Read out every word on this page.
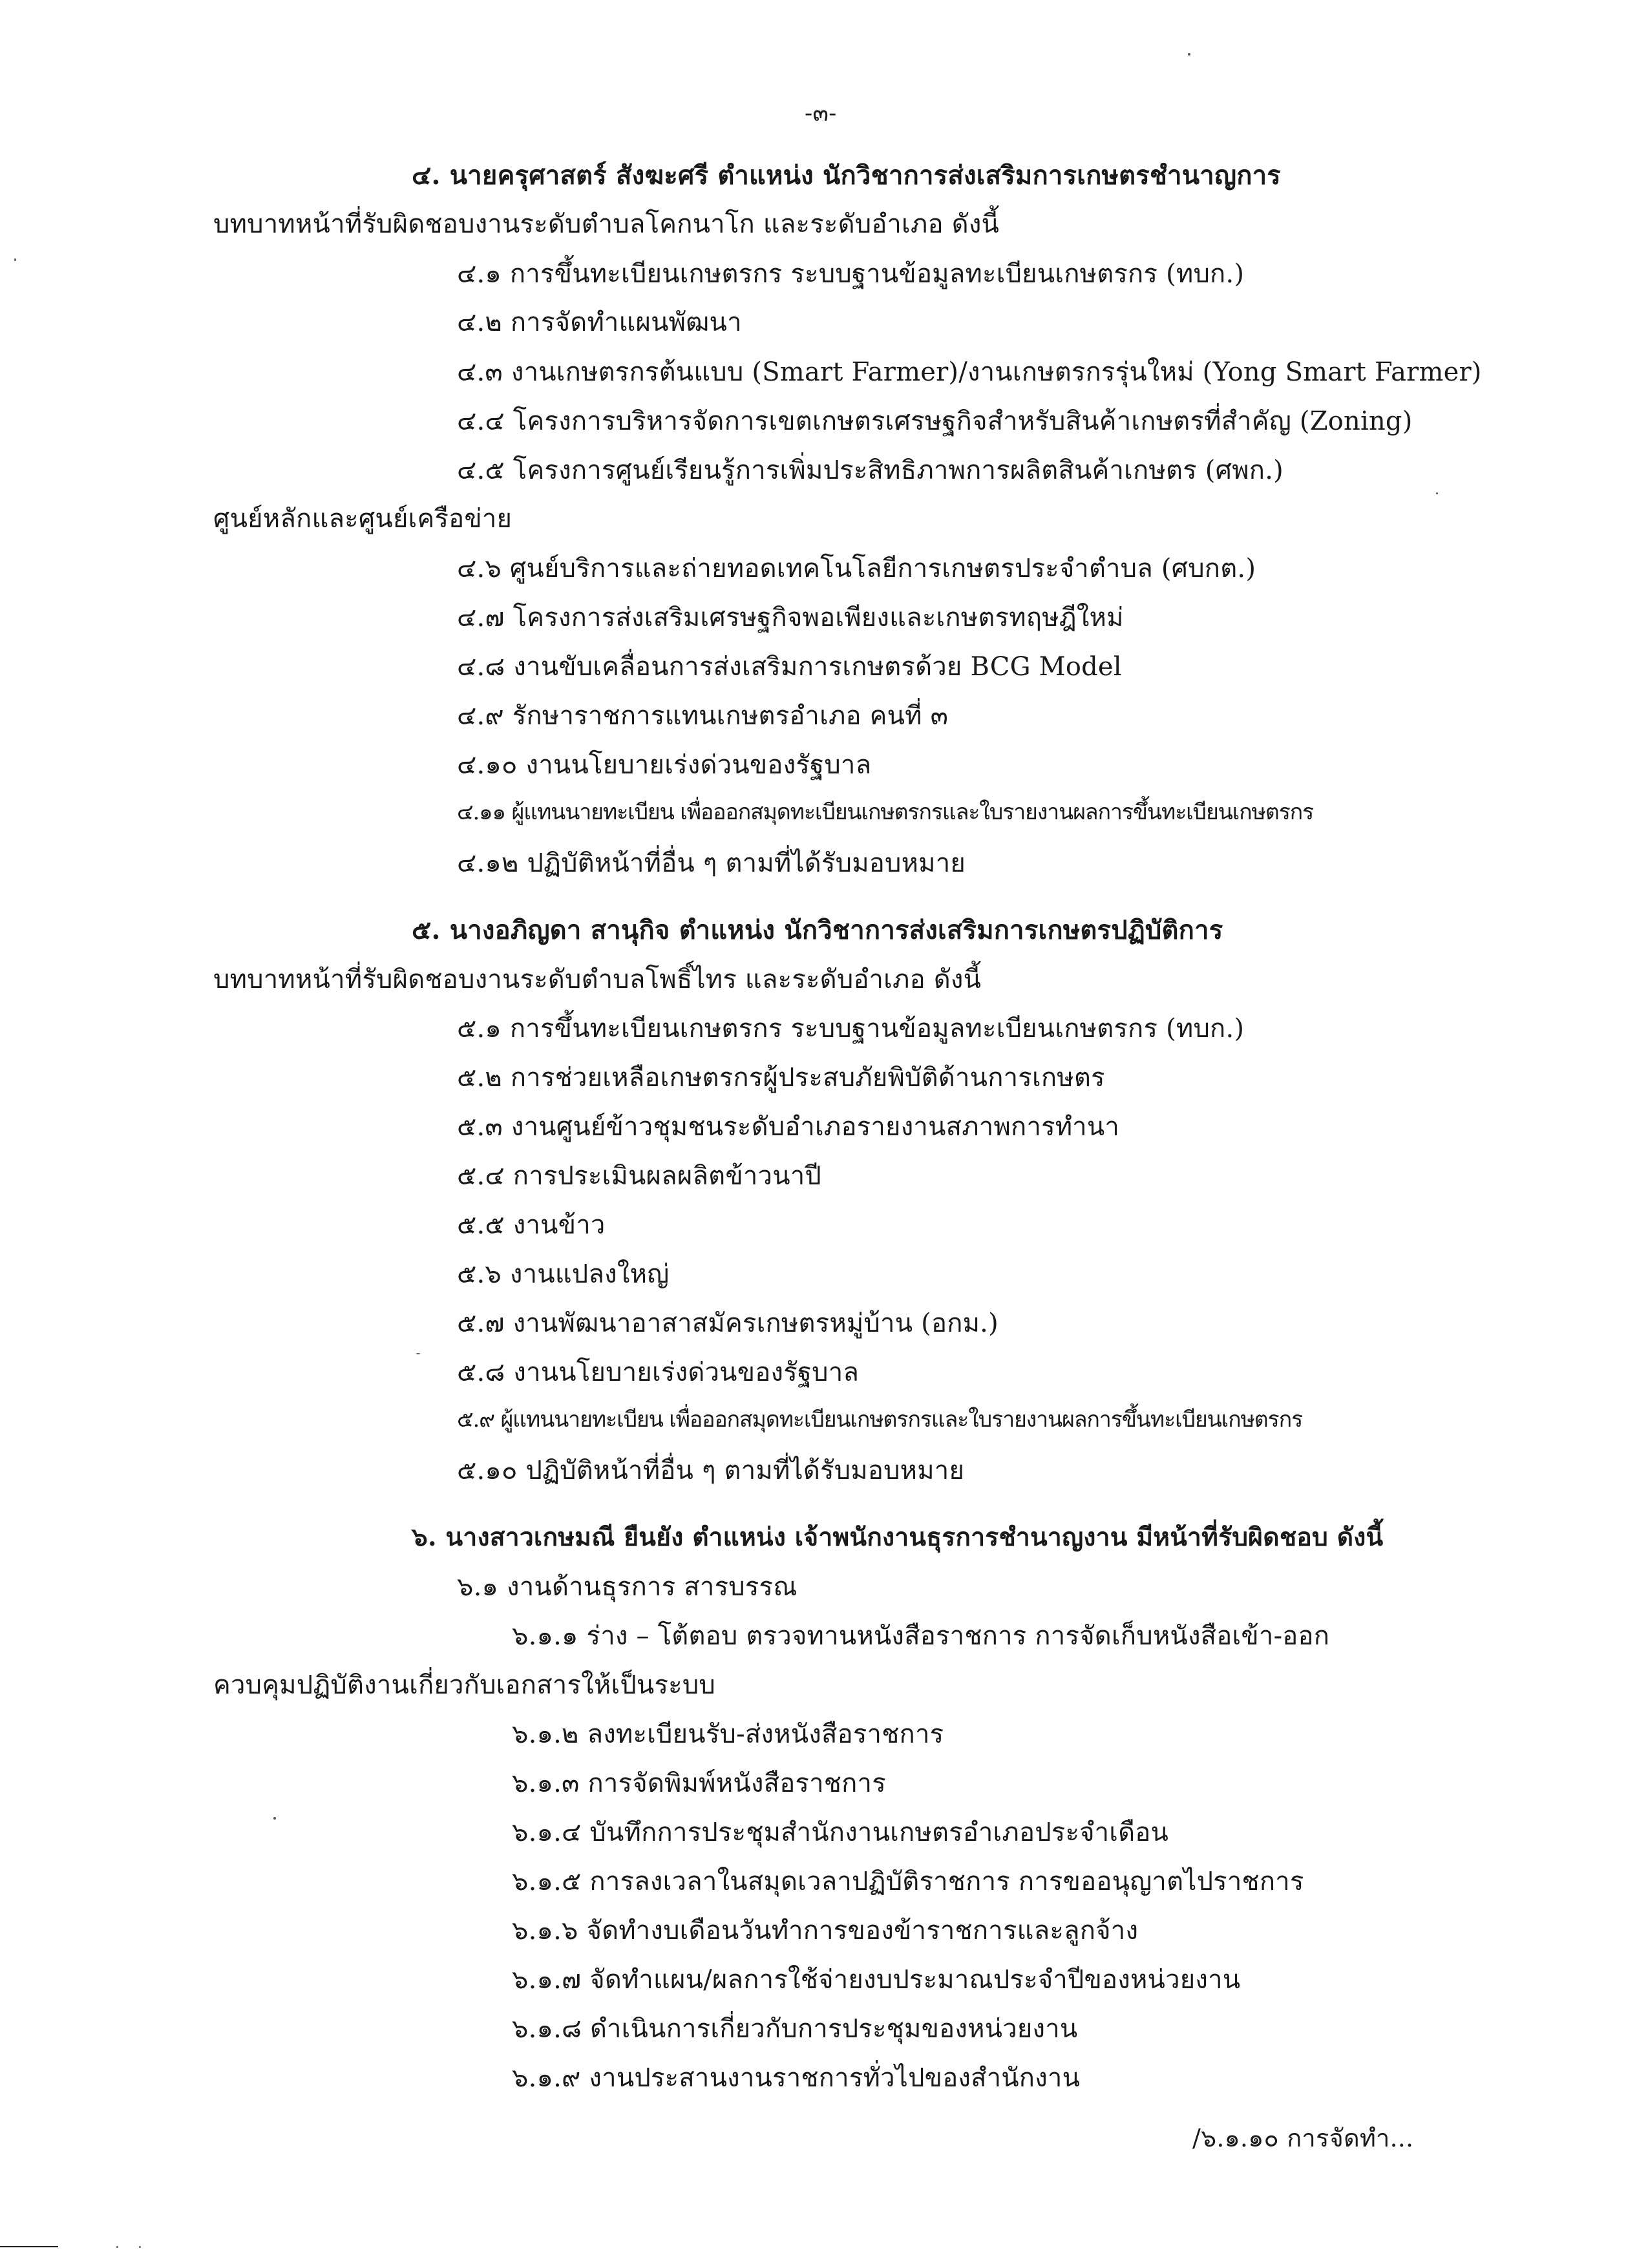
-๓-
๔. นายครุศาสตร์ สังฆะศรี ตำแหน่ง นักวิชาการส่งเสริมการเกษตรชำนาญการ
บทบาทหน้าที่รับผิดชอบงานระดับตำบลโคกนาโก และระดับอำเภอ ดังนี้
๔.๑ การขึ้นทะเบียนเกษตรกร ระบบฐานข้อมูลทะเบียนเกษตรกร (ทบก.)
๔.๒ การจัดทำแผนพัฒนา
๔.๓ งานเกษตรกรต้นแบบ (Smart Farmer)/งานเกษตรกรรุ่นใหม่ (Yong Smart Farmer)
๔.๔ โครงการบริหารจัดการเขตเกษตรเศรษฐกิจสำหรับสินค้าเกษตรที่สำคัญ (Zoning)
๔.๕ โครงการศูนย์เรียนรู้การเพิ่มประสิทธิภาพการผลิตสินค้าเกษตร (ศพก.)
ศูนย์หลักและศูนย์เครือข่าย
๔.๖ ศูนย์บริการและถ่ายทอดเทคโนโลยีการเกษตรประจำตำบล (ศบกต.)
๔.๗ โครงการส่งเสริมเศรษฐกิจพอเพียงและเกษตรทฤษฎีใหม่
๔.๘ งานขับเคลื่อนการส่งเสริมการเกษตรด้วย BCG Model
๔.๙ รักษาราชการแทนเกษตรอำเภอ คนที่ ๓
๔.๑๐ งานนโยบายเร่งด่วนของรัฐบาล
๔.๑๑ ผู้แทนนายทะเบียน เพื่อออกสมุดทะเบียนเกษตรกรและใบรายงานผลการขึ้นทะเบียนเกษตรกร
๔.๑๒ ปฏิบัติหน้าที่อื่น ๆ ตามที่ได้รับมอบหมาย
๕. นางอภิญดา สานุกิจ ตำแหน่ง นักวิชาการส่งเสริมการเกษตรปฏิบัติการ
บทบาทหน้าที่รับผิดชอบงานระดับตำบลโพธิ์ไทร และระดับอำเภอ ดังนี้
๕.๑ การขึ้นทะเบียนเกษตรกร ระบบฐานข้อมูลทะเบียนเกษตรกร (ทบก.)
๕.๒ การช่วยเหลือเกษตรกรผู้ประสบภัยพิบัติด้านการเกษตร
๕.๓ งานศูนย์ข้าวชุมชนระดับอำเภอรายงานสภาพการทำนา
๕.๔ การประเมินผลผลิตข้าวนาปี
๕.๕ งานข้าว
๕.๖ งานแปลงใหญ่
๕.๗ งานพัฒนาอาสาสมัครเกษตรหมู่บ้าน (อกม.)
๕.๘ งานนโยบายเร่งด่วนของรัฐบาล
๕.๙ ผู้แทนนายทะเบียน เพื่อออกสมุดทะเบียนเกษตรกรและใบรายงานผลการขึ้นทะเบียนเกษตรกร
๕.๑๐ ปฏิบัติหน้าที่อื่น ๆ ตามที่ได้รับมอบหมาย
๖. นางสาวเกษมณี ยืนยัง ตำแหน่ง เจ้าพนักงานธุรการชำนาญงาน มีหน้าที่รับผิดชอบ ดังนี้
๖.๑ งานด้านธุรการ สารบรรณ
๖.๑.๑ ร่าง – โต้ตอบ ตรวจทานหนังสือราชการ การจัดเก็บหนังสือเข้า-ออก
ควบคุมปฏิบัติงานเกี่ยวกับเอกสารให้เป็นระบบ
๖.๑.๒ ลงทะเบียนรับ-ส่งหนังสือราชการ
๖.๑.๓ การจัดพิมพ์หนังสือราชการ
๖.๑.๔ บันทึกการประชุมสำนักงานเกษตรอำเภอประจำเดือน
๖.๑.๕ การลงเวลาในสมุดเวลาปฏิบัติราชการ การขออนุญาตไปราชการ
๖.๑.๖ จัดทำงบเดือนวันทำการของข้าราชการและลูกจ้าง
๖.๑.๗ จัดทำแผน/ผลการใช้จ่ายงบประมาณประจำปีของหน่วยงาน
๖.๑.๘ ดำเนินการเกี่ยวกับการประชุมของหน่วยงาน
๖.๑.๙ งานประสานงานราชการทั่วไปของสำนักงาน
/๖.๑.๑๐ การจัดทำ...
